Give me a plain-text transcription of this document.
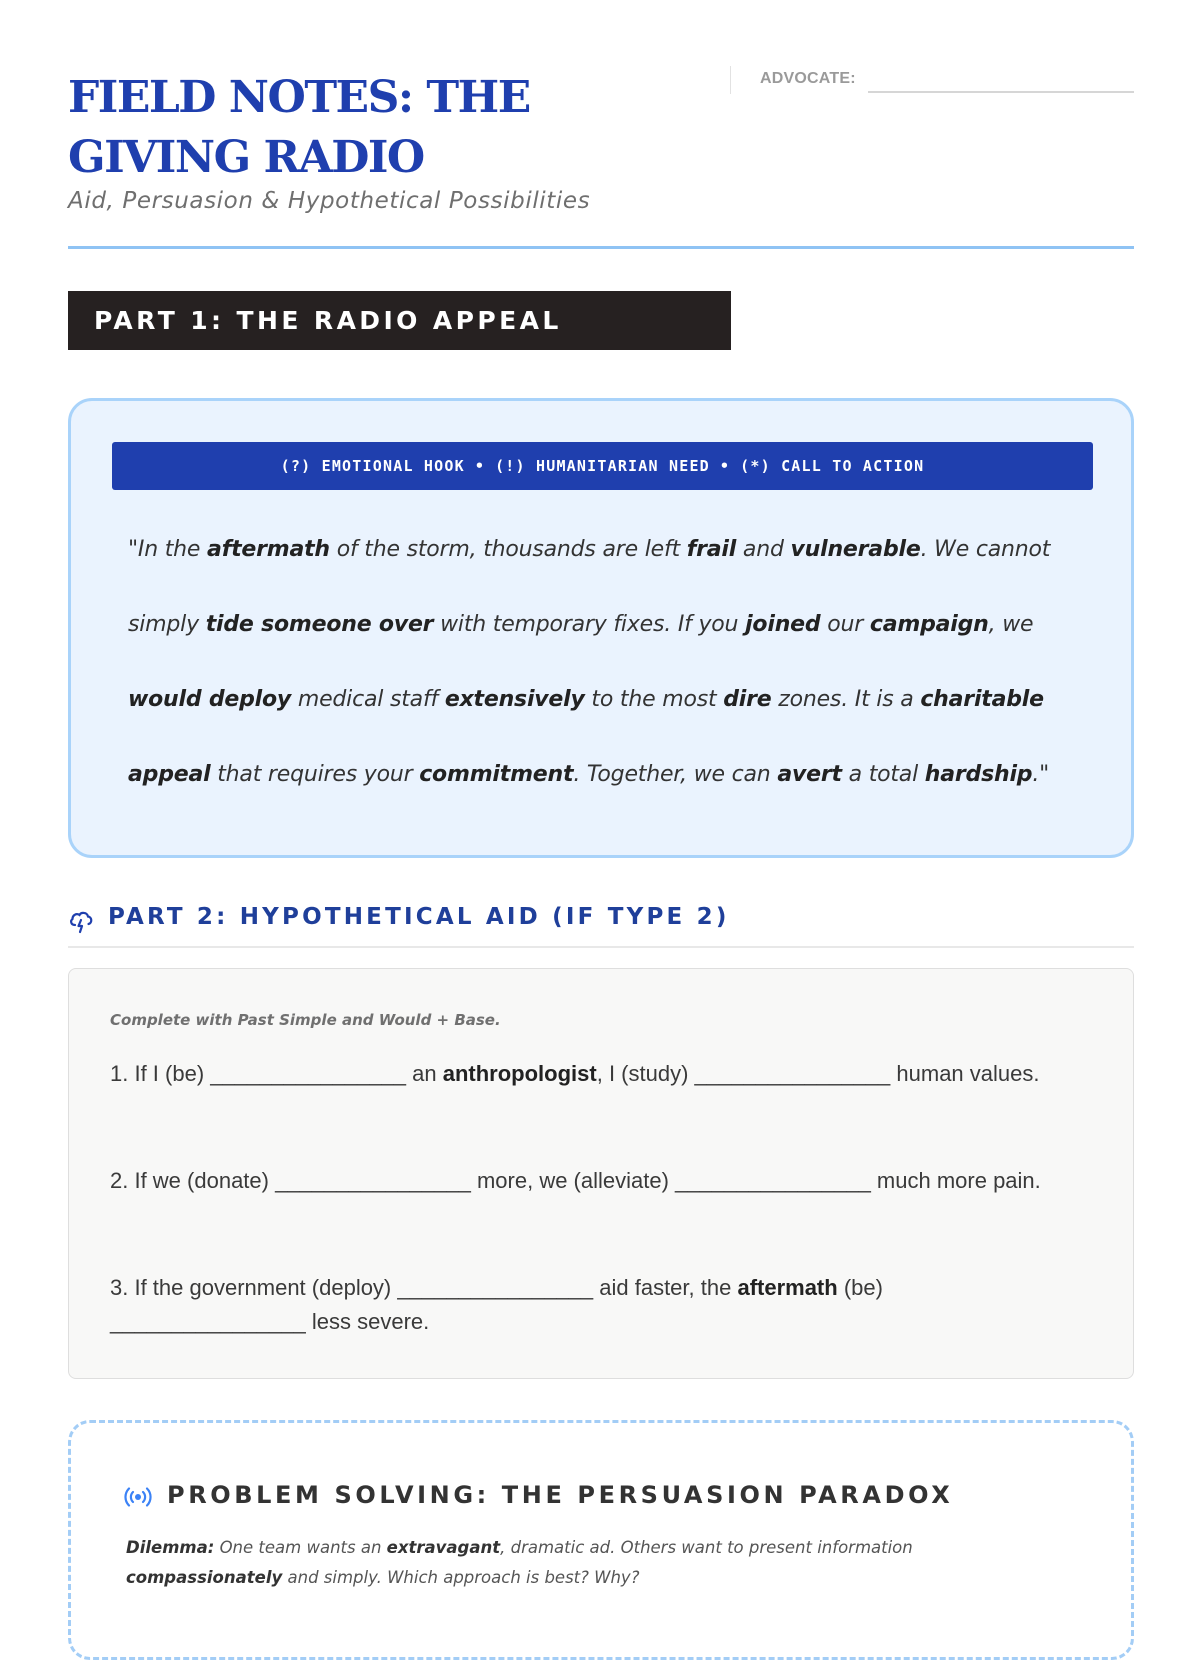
FIELD NOTES: THE GIVING RADIO

Aid, Persuasion & Hypothetical Possibilities

ADVOCATE:
PART 1: THE RADIO APPEAL ANALYSIS
(?) EMOTIONAL HOOK • (!) HUMANITARIAN NEED • (*) CALL TO ACTION

"In the aftermath of the storm, thousands are left frail and vulnerable. We cannot simply tide someone over with temporary fixes. If you joined our campaign, we would deploy medical staff extensively to the most dire zones. It is a charitable appeal that requires your commitment. Together, we can avert a total hardship."

PART 2: HYPOTHETICAL AID (IF TYPE 2)

Complete with Past Simple and Would + Base.

1. If I (be) ________________ an anthropologist, I (study) ________________ human values.

2. If we (donate) ________________ more, we (alleviate) ________________ much more pain.

3. If the government (deploy) ________________ aid faster, the aftermath (be) ________________ less severe.

PROBLEM SOLVING: THE PERSUASION PARADOX

Dilemma: One team wants an extravagant, dramatic ad. Others want to present information compassionately and simply. Which approach is best? Why?
